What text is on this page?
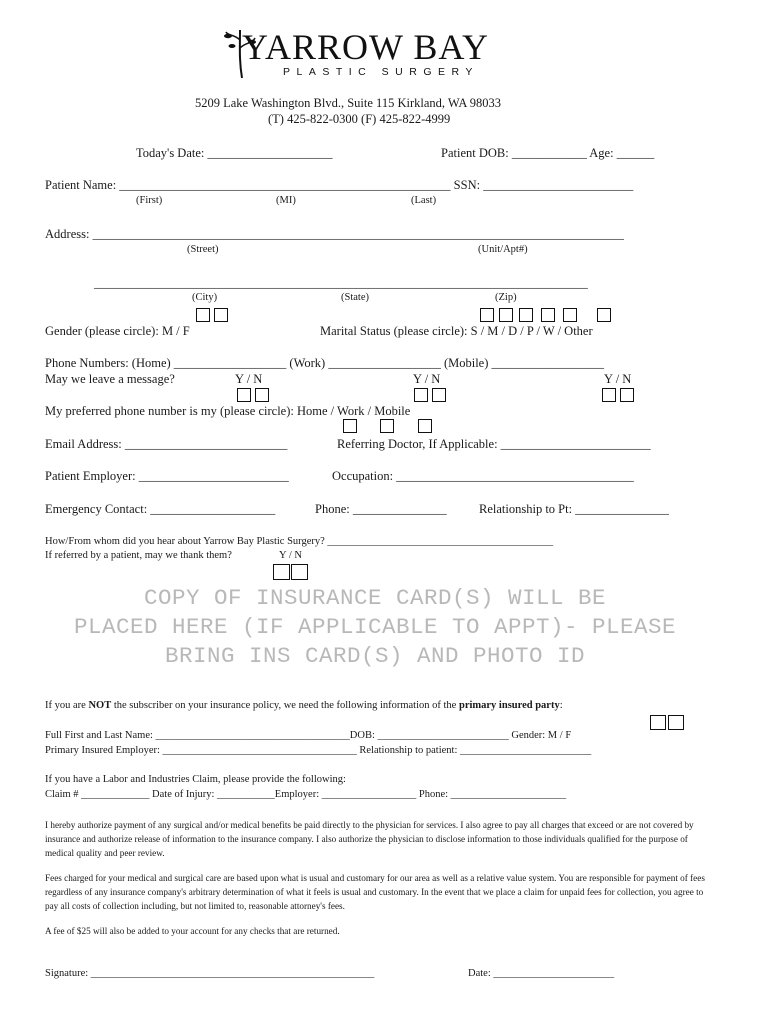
YARROW BAY
PLASTIC SURGERY
5209 Lake Washington Blvd., Suite 115 Kirkland, WA 98033
(T) 425-822-0300 (F) 425-822-4999
Today's Date: ____________________	Patient DOB: ____________ Age: ______
Patient Name: _____________________________________________________ SSN: ________________________
(First)	(MI)	(Last)
Address: _____________________________________________________________________________________
(Street)	(Unit/Apt#)
_______________________________________________________________________________
(City)	(State)	(Zip)
Gender (please circle): M / F	Marital Status (please circle): S / M / D / P / W / Other
Phone Numbers: (Home) __________________ (Work) __________________ (Mobile) __________________
May we leave a message?	Y / N	Y / N	Y / N
My preferred phone number is my (please circle): Home / Work / Mobile
Email Address: __________________________	Referring Doctor, If Applicable: ________________________
Patient Employer: ________________________	Occupation: ______________________________________
Emergency Contact: ____________________	Phone: _______________	Relationship to Pt: _______________
How/From whom did you hear about Yarrow Bay Plastic Surgery? ___________________________________________
If referred by a patient, may we thank them?	Y / N
COPY OF INSURANCE CARD(S) WILL BE
PLACED HERE (IF APPLICABLE TO APPT)- PLEASE
BRING INS CARD(S) AND PHOTO ID
If you are NOT the subscriber on your insurance policy, we need the following information of the primary insured party:
Full First and Last Name: _____________________________________DOB: _________________________ Gender: M / F
Primary Insured Employer: _____________________________________ Relationship to patient: _________________________
If you have a Labor and Industries Claim, please provide the following:
Claim # _____________ Date of Injury: ___________Employer: __________________ Phone: ______________________
I hereby authorize payment of any surgical and/or medical benefits be paid directly to the physician for services. I also agree to pay all charges that exceed or are not covered by insurance and authorize release of information to the insurance company. I also authorize the physician to disclose information to those individuals qualified for the purpose of medical quality and peer review.
Fees charged for your medical and surgical care are based upon what is usual and customary for our area as well as a relative value system. You are responsible for payment of fees regardless of any insurance company's arbitrary determination of what it feels is usual and customary. In the event that we place a claim for unpaid fees for collection, you agree to pay all costs of collection including, but not limited to, reasonable attorney's fees.
A fee of $25 will also be added to your account for any checks that are returned.
Signature: ______________________________________________________	Date: _______________________
